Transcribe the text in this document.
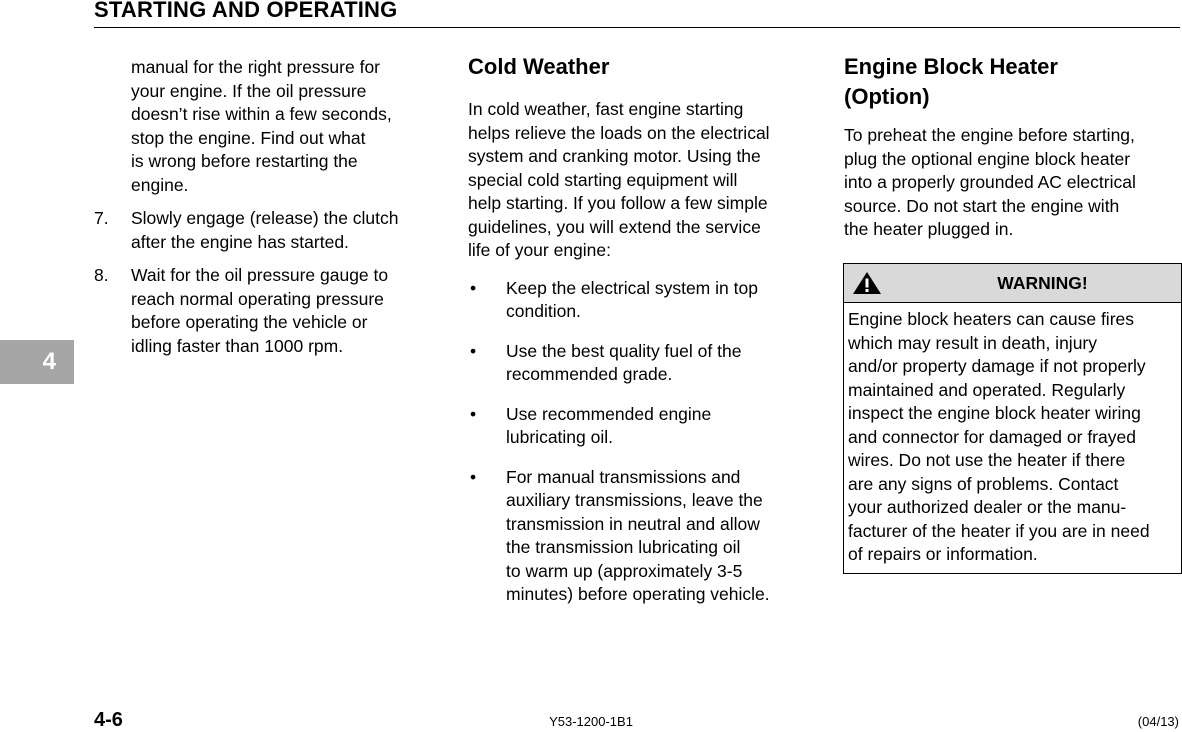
STARTING AND OPERATING
4

manual for the right pressure for

your engine. If the oil pressure

doesn’t rise within a few seconds,

stop the engine. Find out what

is wrong before restarting the

engine.

7.	Slowly engage (release) the clutch

after the engine has started.

8.	Wait for the oil pressure gauge to

reach normal operating pressure

before operating the vehicle or

idling faster than 1000 rpm.

Cold Weather

In cold weather, fast engine starting

helps relieve the loads on the electrical

system and cranking motor. Using the

special cold starting equipment will

help starting. If you follow a few simple

guidelines, you will extend the service

life of your engine:

•	Keep the electrical system in top

condition.

•	Use the best quality fuel of the

recommended grade.

•	Use recommended engine

lubricating oil.

•	For manual transmissions and

auxiliary transmissions, leave the

transmission in neutral and allow

the transmission lubricating oil

to warm up (approximately 3-5

minutes) before operating vehicle.

Engine Block Heater
(Option)

To preheat the engine before starting,

plug the optional engine block heater

into a properly grounded AC electrical

source. Do not start the engine with

the heater plugged in.

WARNING!
Engine block heaters can cause fires
which may result in death, injury
and/or property damage if not properly
maintained and operated. Regularly
inspect the engine block heater wiring
and connector for damaged or frayed
wires. Do not use the heater if there
are any signs of problems. Contact
your authorized dealer or the manu-
facturer of the heater if you are in need
of repairs or information.
4-6	Y53-1200-1B1	(04/13)
